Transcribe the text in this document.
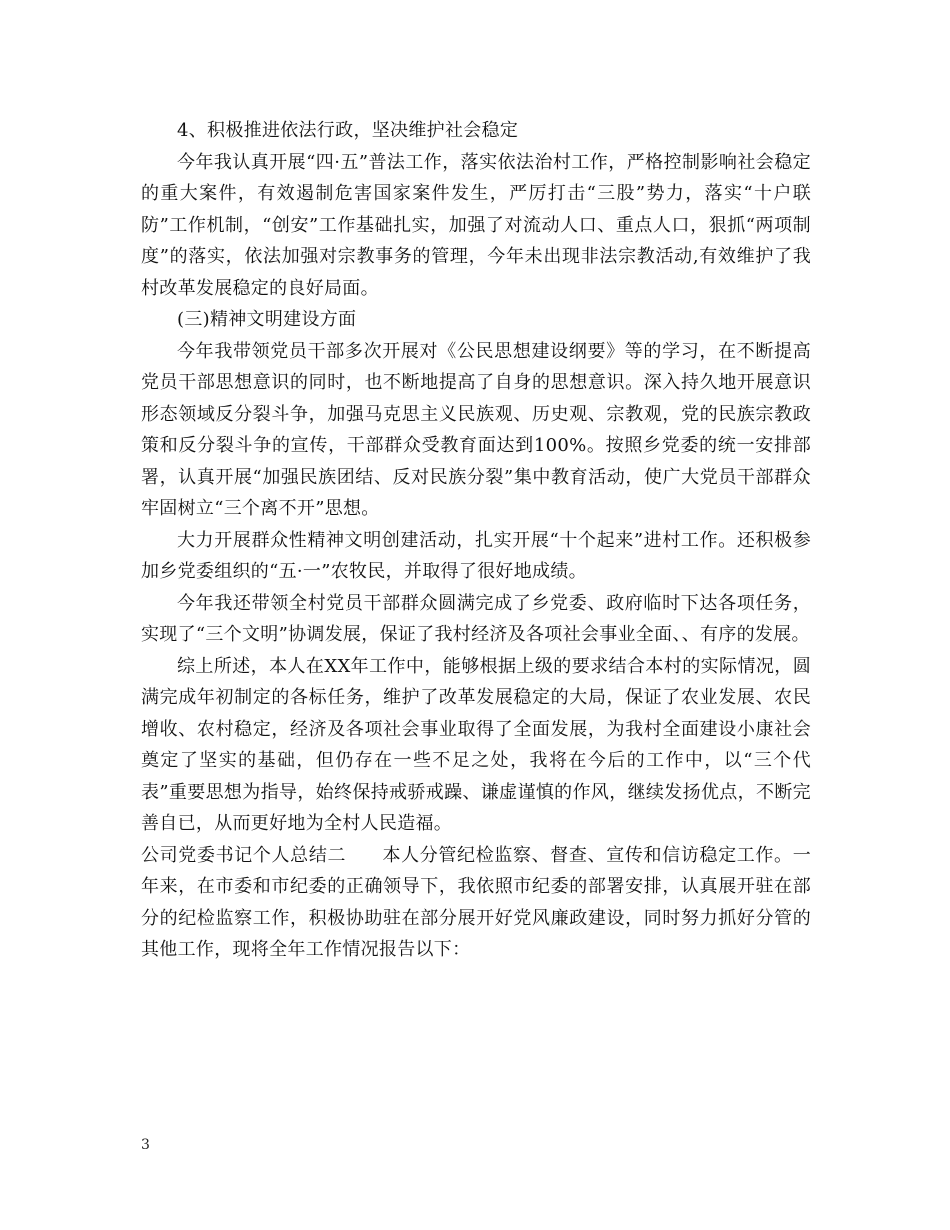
4、积极推进依法行政，坚决维护社会稳定

今年我认真开展“四·五”普法工作，落实依法治村工作，严格控制影响社会稳定的重大案件，有效遏制危害国家案件发生，严厉打击“三股”势力，落实“十户联防”工作机制，“创安”工作基础扎实，加强了对流动人口、重点人口，狠抓“两项制度”的落实，依法加强对宗教事务的管理，今年未出现非法宗教活动,有效维护了我村改革发展稳定的良好局面。

(三)精神文明建设方面

今年我带领党员干部多次开展对《公民思想建设纲要》等的学习，在不断提高党员干部思想意识的同时，也不断地提高了自身的思想意识。深入持久地开展意识形态领域反分裂斗争，加强马克思主义民族观、历史观、宗教观，党的民族宗教政策和反分裂斗争的宣传，干部群众受教育面达到100%。按照乡党委的统一安排部署，认真开展“加强民族团结、反对民族分裂”集中教育活动，使广大党员干部群众牢固树立“三个离不开”思想。

大力开展群众性精神文明创建活动，扎实开展“十个起来”进村工作。还积极参加乡党委组织的“五·一”农牧民，并取得了很好地成绩。

今年我还带领全村党员干部群众圆满完成了乡党委、政府临时下达各项任务，实现了“三个文明”协调发展，保证了我村经济及各项社会事业全面、、有序的发展。

综上所述，本人在XX年工作中，能够根据上级的要求结合本村的实际情况，圆满完成年初制定的各标任务，维护了改革发展稳定的大局，保证了农业发展、农民增收、农村稳定，经济及各项社会事业取得了全面发展，为我村全面建设小康社会奠定了坚实的基础，但仍存在一些不足之处，我将在今后的工作中，以“三个代表”重要思想为指导，始终保持戒骄戒躁、谦虚谨慎的作风，继续发扬优点，不断完善自已，从而更好地为全村人民造福。

公司党委书记个人总结二 本人分管纪检监察、督查、宣传和信访稳定工作。一年来，在市委和市纪委的正确领导下，我依照市纪委的部署安排，认真展开驻在部分的纪检监察工作，积极协助驻在部分展开好党风廉政建设，同时努力抓好分管的其他工作，现将全年工作情况报告以下：

3
